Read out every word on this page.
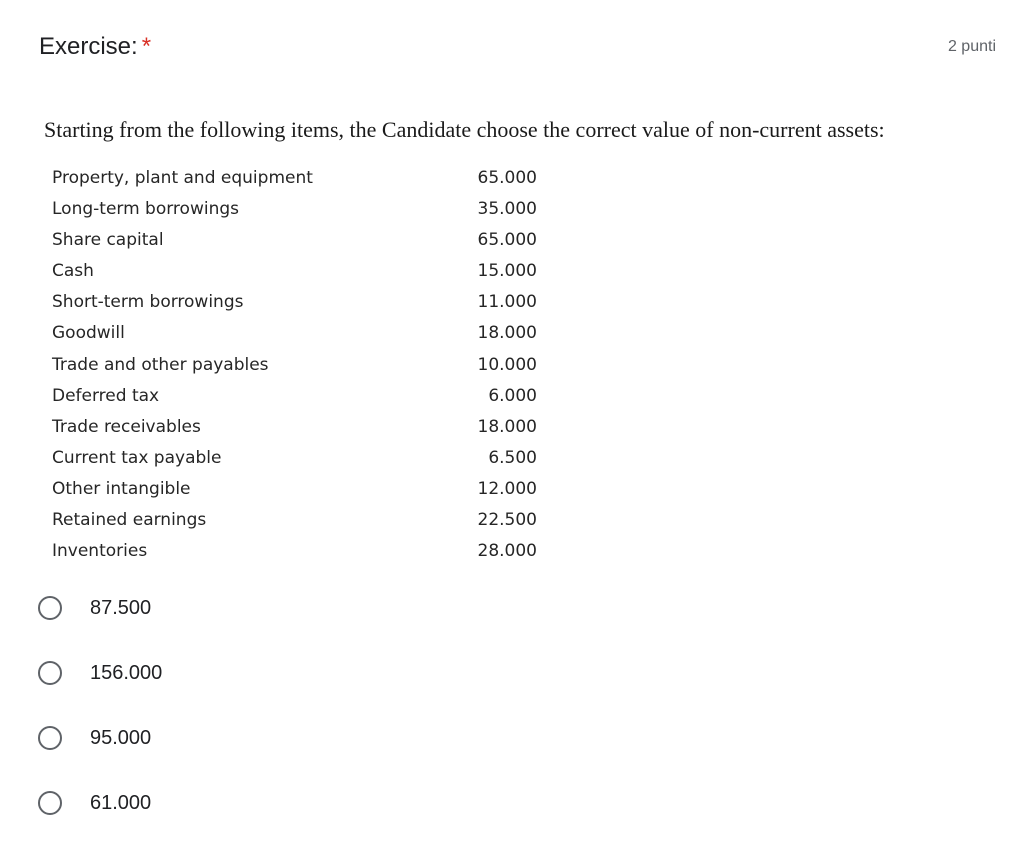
Exercise: *	2 punti
Starting from the following items, the Candidate choose the correct value of non-current assets:
Property, plant and equipment	65.000
Long-term borrowings	35.000
Share capital	65.000
Cash	15.000
Short-term borrowings	11.000
Goodwill	18.000
Trade and other payables	10.000
Deferred tax	6.000
Trade receivables	18.000
Current tax payable	6.500
Other intangible	12.000
Retained earnings	22.500
Inventories	28.000
87.500
156.000
95.000
61.000
